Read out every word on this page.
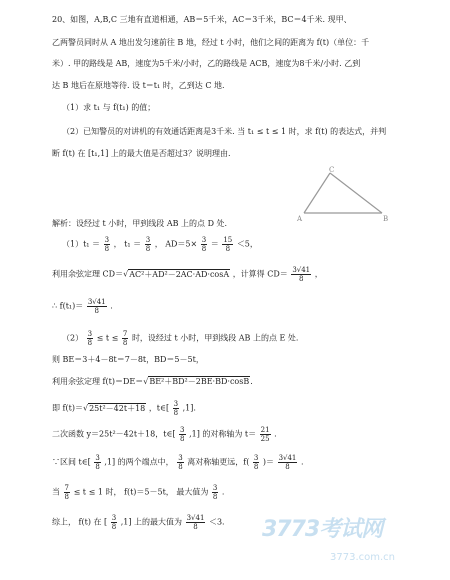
20、如图，A,B,C 三地有直道相通，AB＝5千米，AC＝3千米，BC＝4千米. 现甲、
乙两警员同时从 A 地出发匀速前往 B 地，经过 t 小时，他们之间的距离为 f(t)（单位：千
米）. 甲的路线是 AB，速度为5千米/小时，乙的路线是 ACB，速度为8千米/小时. 乙到
达 B 地后在原地等待. 设 t＝t₁ 时，乙到达 C 地.
（1）求 t₁ 与 f(t₁) 的值；
（2）已知警员的对讲机的有效通话距离是3千米. 当 t₁ ≤ t ≤ 1 时，求 f(t) 的表达式，并判
断 f(t) 在 [t₁,1] 上的最大值是否超过3？说明理由.
A	B
C
解析：设经过 t 小时，甲到线段 AB 上的点 D 处.
$(1)t_1 = \frac{3}{8}$ ， $t_1 = \frac{3}{8}$ ， $AD=5\times \frac{3}{8} = \frac{15}{8} <5$，
利用余弦定理 CD＝√AC²＋AD²－2AC·AD·cosA ，计算得 $CD= \frac{3√41}{8}$ ，
∴ $f(t_1)= \frac{3√41}{8}$ .
$(2) \frac{3}{8} \le t \le \frac{7}{8}$ 时，设经过 t 小时，甲到线段 AB 上的点 E 处.
则 BE＝3＋4－8t＝7－8t，BD＝5－5t，
利用余弦定理 f(t)＝DE＝√BE²＋BD²－2BE·BD·cosB.
即 f(t)＝√25t²－42t＋18 ，t∈[ $\frac{3}{8} ,1$].
二次函数 y＝25t²－42t＋18，t∈[ $\frac{3}{8} ,1$] 的对称轴为 $t= \frac{21}{25}$ .
∵区间 t∈[ $\frac{3}{8} ,1$] 的两个端点中， $\frac{3}{8}$ 离对称轴更远，$f( \frac{3}{8}$ )＝ $\frac{3√41}{8}$ .
当 $\frac{7}{8} \le t \le 1$ 时， f(t)＝5－5t， 最大值为 $\frac{3}{8}$ .
综上， f(t) 在 [ $\frac{3}{8} ,1$] 上的最大值为 $\frac{3√41}{8} <3$. 3773考试网
3773.com.cn
